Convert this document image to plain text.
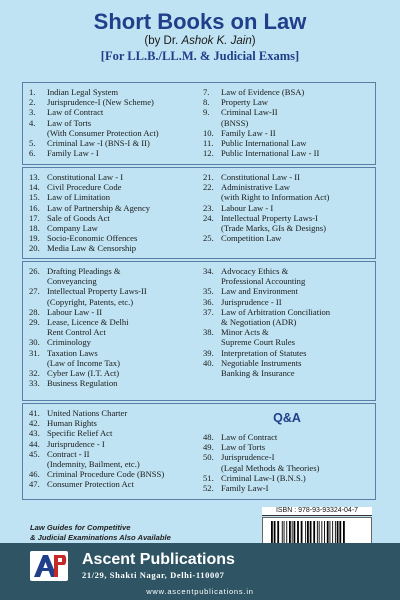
Short Books on Law
(by Dr. Ashok K. Jain)
[For LL.B./LL.M. & Judicial Exams]
1.	Indian Legal System
2.	Jurisprudence-I (New Scheme)
3.	Law of Contract
4.	Law of Torts
(With Consumer Protection Act)
5.	Criminal Law -I (BNS-I & II)
6.	Family Law - I
7.	Law of Evidence (BSA)
8.	Property Law
9.	Criminal Law-II
(BNSS)
10. Family Law - II
11. Public International Law
12. Public International Law - II
13. Constitutional Law - I
14. Civil Procedure Code
15. Law of Limitation
16. Law of Partnership & Agency
17. Sale of Goods Act
18. Company Law
19. Socio-Economic Offences
20. Media Law & Censorship
21. Constitutional Law - II
22. Administrative Law
(with Right to Information Act)
23. Labour Law - I
24. Intellectual Property Laws-I
(Trade Marks, GIs & Designs)
25. Competition Law
26. Drafting Pleadings &
Conveyancing
27. Intellectual Property Laws-II
(Copyright, Patents, etc.)
28. Labour Law - II
29. Lease, Licence & Delhi
Rent Control Act
30. Criminology
31. Taxation Laws
(Law of Income Tax)
32. Cyber Law (I.T. Act)
33. Business Regulation
34. Advocacy Ethics &
Professional Accounting
35. Law and Environment
36. Jurisprudence - II
37. Law of Arbitration Conciliation
& Negotiation (ADR)
38. Minor Acts &
Supreme Court Rules
39. Interpretation of Statutes
40. Negotiable Instruments
Banking & Insurance
41. United Nations Charter
42. Human Rights
43. Specific Relief Act
44. Jurisprudence - I
45. Contract - II
(Indemnity, Bailment, etc.)
46. Criminal Procedure Code (BNSS)
47. Consumer Protection Act
Q&A
48. Law of Contract
49. Law of Torts
50. Jurisprudence-I
(Legal Methods & Theories)
51. Criminal Law-I (B.N.S.)
52. Family Law-I
Law Guides for Competitive
& Judicial Examinations Also Available
ISBN : 978-93-93324-04-7
Ascent Publications
21/29, Shakti Nagar, Delhi-110007
www.ascentpublications.in
